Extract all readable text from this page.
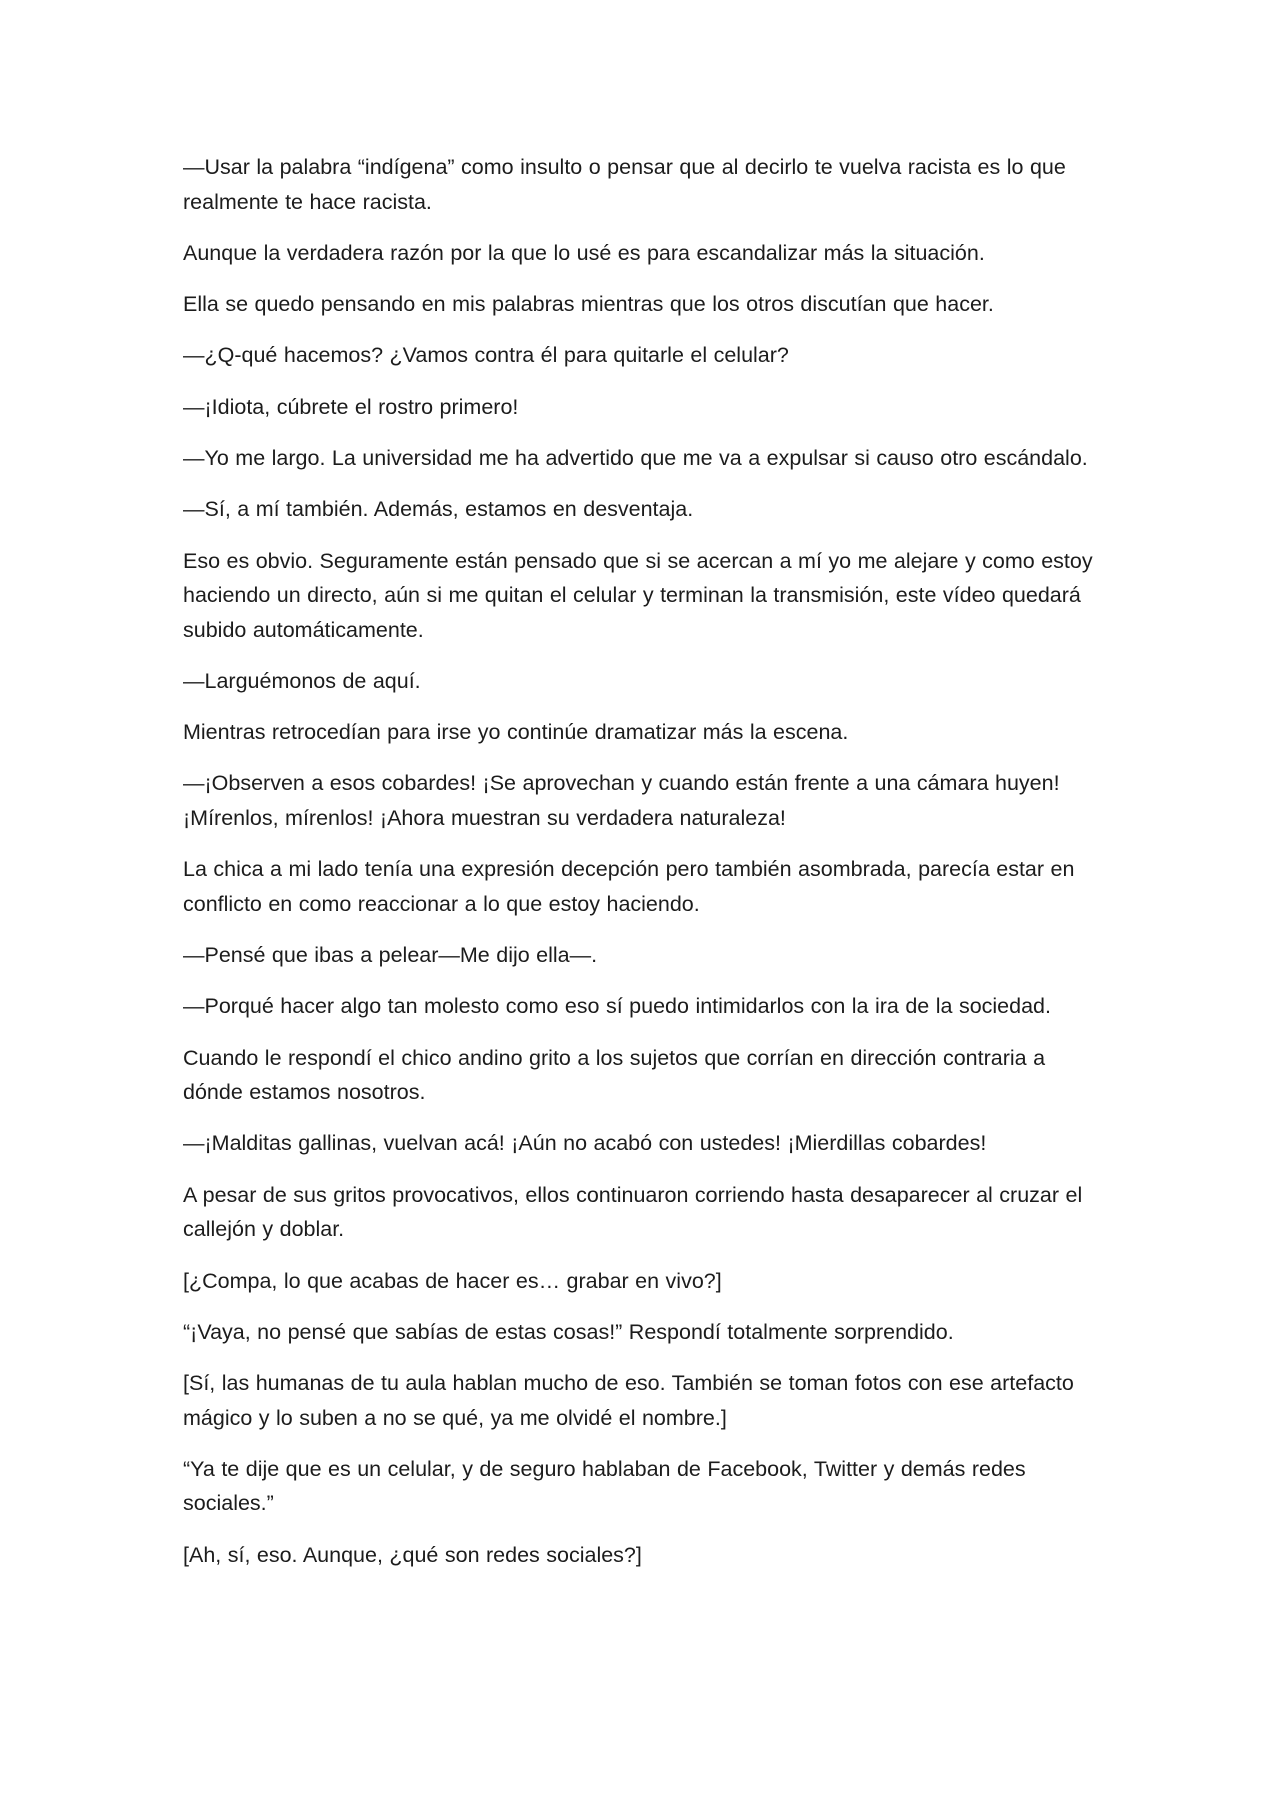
—Usar la palabra “indígena” como insulto o pensar que al decirlo te vuelva racista es lo que realmente te hace racista.

Aunque la verdadera razón por la que lo usé es para escandalizar más la situación.

Ella se quedo pensando en mis palabras mientras que los otros discutían que hacer.

—¿Q-qué hacemos? ¿Vamos contra él para quitarle el celular?

—¡Idiota, cúbrete el rostro primero!

—Yo me largo. La universidad me ha advertido que me va a expulsar si causo otro escándalo.

—Sí, a mí también. Además, estamos en desventaja.

Eso es obvio. Seguramente están pensado que si se acercan a mí yo me alejare y como estoy haciendo un directo, aún si me quitan el celular y terminan la transmisión, este vídeo quedará subido automáticamente.

—Larguémonos de aquí.

Mientras retrocedían para irse yo continúe dramatizar más la escena.

—¡Observen a esos cobardes! ¡Se aprovechan y cuando están frente a una cámara huyen! ¡Mírenlos, mírenlos! ¡Ahora muestran su verdadera naturaleza!

La chica a mi lado tenía una expresión decepción pero también asombrada, parecía estar en conflicto en como reaccionar a lo que estoy haciendo.

—Pensé que ibas a pelear—Me dijo ella—.

—Porqué hacer algo tan molesto como eso sí puedo intimidarlos con la ira de la sociedad.

Cuando le respondí el chico andino grito a los sujetos que corrían en dirección contraria a dónde estamos nosotros.

—¡Malditas gallinas, vuelvan acá! ¡Aún no acabó con ustedes! ¡Mierdillas cobardes!

A pesar de sus gritos provocativos, ellos continuaron corriendo hasta desaparecer al cruzar el callejón y doblar.

[¿Compa, lo que acabas de hacer es… grabar en vivo?]

“¡Vaya, no pensé que sabías de estas cosas!” Respondí totalmente sorprendido.

[Sí, las humanas de tu aula hablan mucho de eso. También se toman fotos con ese artefacto mágico y lo suben a no se qué, ya me olvidé el nombre.]

“Ya te dije que es un celular, y de seguro hablaban de Facebook, Twitter y demás redes sociales.”

[Ah, sí, eso. Aunque, ¿qué son redes sociales?]
